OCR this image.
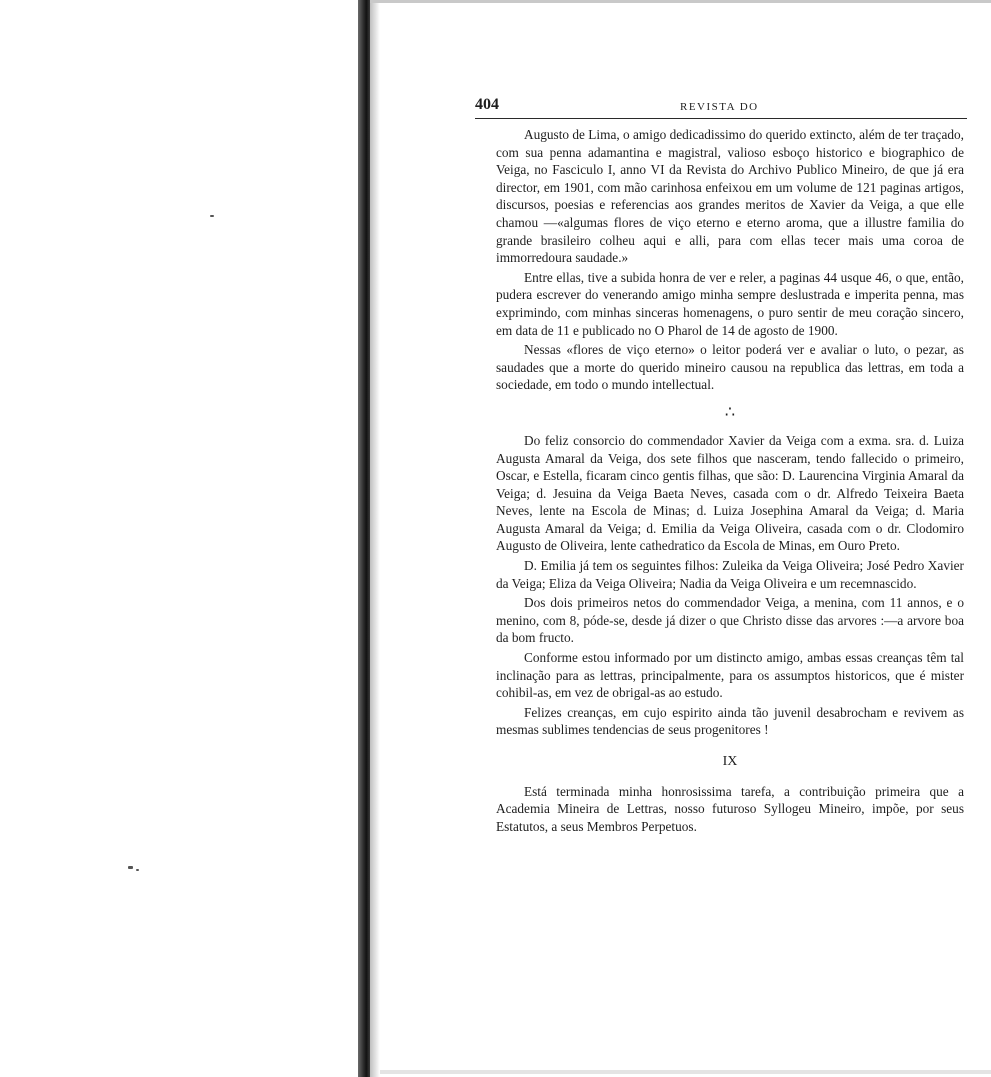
404	REVISTA DO

Augusto de Lima, o amigo dedicadissimo do querido extincto, além de ter traçado, com sua penna adamantina e magistral, valioso esboço historico e biographico de Veiga, no Fasciculo I, anno VI da Revista do Archivo Publico Mineiro, de que já era director, em 1901, com mão carinhosa enfeixou em um volume de 121 paginas artigos, discursos, poesias e referencias aos grandes meritos de Xavier da Veiga, a que elle chamou —«algumas flores de viço eterno e eterno aroma, que a illustre familia do grande brasileiro colheu aqui e alli, para com ellas tecer mais uma coroa de immorredoura saudade.»

Entre ellas, tive a subida honra de ver e reler, a paginas 44 usque 46, o que, então, pudera escrever do venerando amigo minha sempre deslustrada e imperita penna, mas exprimindo, com minhas sinceras homenagens, o puro sentir de meu coração sincero, em data de 11 e publicado no O Pharol de 14 de agosto de 1900.

Nessas «flores de viço eterno» o leitor poderá ver e avaliar o luto, o pezar, as saudades que a morte do querido mineiro causou na republica das lettras, em toda a sociedade, em todo o mundo intellectual.

∴

Do feliz consorcio do commendador Xavier da Veiga com a exma. sra. d. Luiza Augusta Amaral da Veiga, dos sete filhos que nasceram, tendo fallecido o primeiro, Oscar, e Estella, ficaram cinco gentis filhas, que são: D. Laurencina Virginia Amaral da Veiga; d. Jesuina da Veiga Baeta Neves, casada com o dr. Alfredo Teixeira Baeta Neves, lente na Escola de Minas; d. Luiza Josephina Amaral da Veiga; d. Maria Augusta Amaral da Veiga; d. Emilia da Veiga Oliveira, casada com o dr. Clodomiro Augusto de Oliveira, lente cathedratico da Escola de Minas, em Ouro Preto.

D. Emilia já tem os seguintes filhos: Zuleika da Veiga Oliveira; José Pedro Xavier da Veiga; Eliza da Veiga Oliveira; Nadia da Veiga Oliveira e um recemnascido.

Dos dois primeiros netos do commendador Veiga, a menina, com 11 annos, e o menino, com 8, póde-se, desde já dizer o que Christo disse das arvores :—a arvore boa da bom fructo.

Conforme estou informado por um distincto amigo, ambas essas creanças têm tal inclinação para as lettras, principalmente, para os assumptos historicos, que é mister cohibil-as, em vez de obrigal-as ao estudo.

Felizes creanças, em cujo espirito ainda tão juvenil desabrocham e revivem as mesmas sublimes tendencias de seus progenitores !

IX

Está terminada minha honrosissima tarefa, a contribuição primeira que a Academia Mineira de Lettras, nosso futuroso Syllogeu Mineiro, impõe, por seus Estatutos, a seus Membros Perpetuos.
